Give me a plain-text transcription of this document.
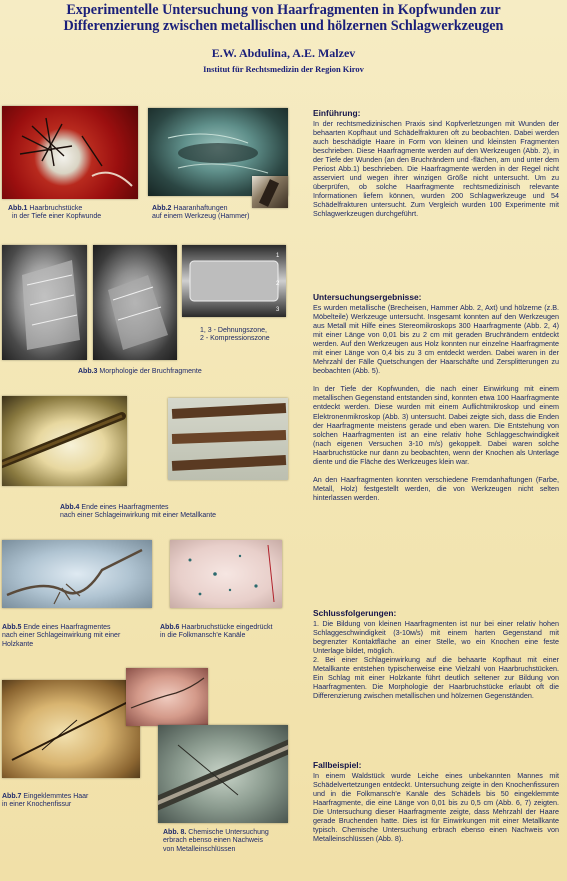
Experimentelle Untersuchung von Haarfragmenten in Kopfwunden zur
Differenzierung zwischen metallischen und hölzernen Schlagwerkzeugen
E.W. Abdulina, A.E. Malzev
Institut für Rechtsmedizin der Region Kirov
Abb.1 Haarbruchstücke
in der Tiefe einer Kopfwunde
Abb.2 Haaranhaftungen
auf einem Werkzeug (Hammer)
1
2
3
1, 3 - Dehnungszone,
2 - Kompressionszone
Abb.3 Morphologie der Bruchfragmente
Abb.4 Ende eines Haarfragmentes
nach einer Schlageinwirkung mit einer Metallkante
Abb.5 Ende eines Haarfragmentes
nach einer Schlageinwirkung mit einer
Holzkante
Abb.6 Haarbruchstücke eingedrückt
in die Folkmansch'e Kanäle
Abb.7 Eingeklemmtes Haar
in einer Knochenfissur
Abb. 8. Chemische Untersuchung
erbrach ebenso einen Nachweis
von Metalleinschlüssen
Einführung:

In der rechtsmedizinischen Praxis sind Kopfverletzungen mit Wunden der behaarten Kopfhaut und Schädelfrakturen oft zu beobachten. Dabei werden auch beschädigte Haare in Form von kleinen und kleinsten Fragmenten beschrieben. Diese Haarfragmente werden auf den Werkzeugen (Abb. 2), in der Tiefe der Wunden (an den Bruchrändern und -flächen, am und unter dem Periost Abb.1) beschrieben. Die Haarfragmente werden in der Regel nicht asserviert und wegen ihrer winzigen Größe nicht untersucht. Um zu überprüfen, ob solche Haarfragmente rechtsmedizinisch relevante Informationen liefern können, wurden 200 Schlagwerkzeuge und 54 Schädelfrakturen untersucht. Zum Vergleich wurden 100 Experimente mit Schlagwerkzeugen durchgeführt.

Untersuchungsergebnisse:

Es wurden metallische (Brecheisen, Hammer Abb. 2, Axt) und hölzerne (z.B. Möbelteile) Werkzeuge untersucht. Insgesamt konnten auf den Werkzeugen aus Metall mit Hilfe eines Stereomikroskops 300 Haarfragmente (Abb. 2, 4) mit einer Länge von 0,01 bis zu 2 cm mit geraden Bruchrändern entdeckt werden. Auf den Werkzeugen aus Holz konnten nur einzelne Haarfragmente mit einer Länge von 0,4 bis zu 3 cm entdeckt werden. Dabei waren in der Mehrzahl der Fälle Quetschungen der Haarschäfte und Zersplitterungen zu beobachten (Abb. 5).

In der Tiefe der Kopfwunden, die nach einer Einwirkung mit einem metallischen Gegenstand entstanden sind, konnten etwa 100 Haarfragmente entdeckt werden. Diese wurden mit einem Auflichtmikroskop und einem Elektronenmikroskop (Abb. 3) untersucht. Dabei zeigte sich, dass die Enden der Haarfragmente meistens gerade und eben waren. Die Entstehung von solchen Haarfragmenten ist an eine relativ hohe Schlaggeschwindigkeit (nach eigenen Versuchen 3-10 m/s) gekoppelt. Dabei waren solche Haarbruchstücke nur dann zu beobachten, wenn der Knochen als Unterlage diente und die Fläche des Werkzeuges klein war.

An den Haarfragmenten konnten verschiedene Fremdanhaftungen (Farbe, Metall, Holz) festgestellt werden, die von Werkzeugen nicht selten hinterlassen werden.

Schlussfolgerungen:

1. Die Bildung von kleinen Haarfragmenten ist nur bei einer relativ hohen Schlaggeschwindigkeit (3-10м/s) mit einem harten Gegenstand mit begrenzter Kontaktfläche an einer Stelle, wo ein Knochen eine feste Unterlage bildet, möglich.

2. Bei einer Schlageinwirkung auf die behaarte Kopfhaut mit einer Metallkante entstehen typischerweise eine Vielzahl von Haarbruchstücken. Ein Schlag mit einer Holzkante führt deutlich seltener zur Bildung von Haarfragmenten. Die Morphologie der Haarbruchstücke erlaubt oft die Differenzierung zwischen metallischen und hölzernen Gegenständen.

Fallbeispiel:

In einem Waldstück wurde Leiche eines unbekannten Mannes mit Schädelvertetzungen entdeckt. Untersuchung zeigte in den Knochenfissuren und in die Folkmansch'e Kanäle des Schädels bis 50 eingeklemmte Haarfragmente, die eine Länge von 0,01 bis zu 0,5 cm (Abb. 6, 7) zeigten. Die Untersuchung dieser Haarfragmente zeigte, dass Mehrzahl der Haare gerade Bruchenden hatte. Dies ist für Einwirkungen mit einer Metallkante typisch. Chemische Untersuchung erbrach ebenso einen Nachweis von Metalleinschlüssen (Abb. 8).
